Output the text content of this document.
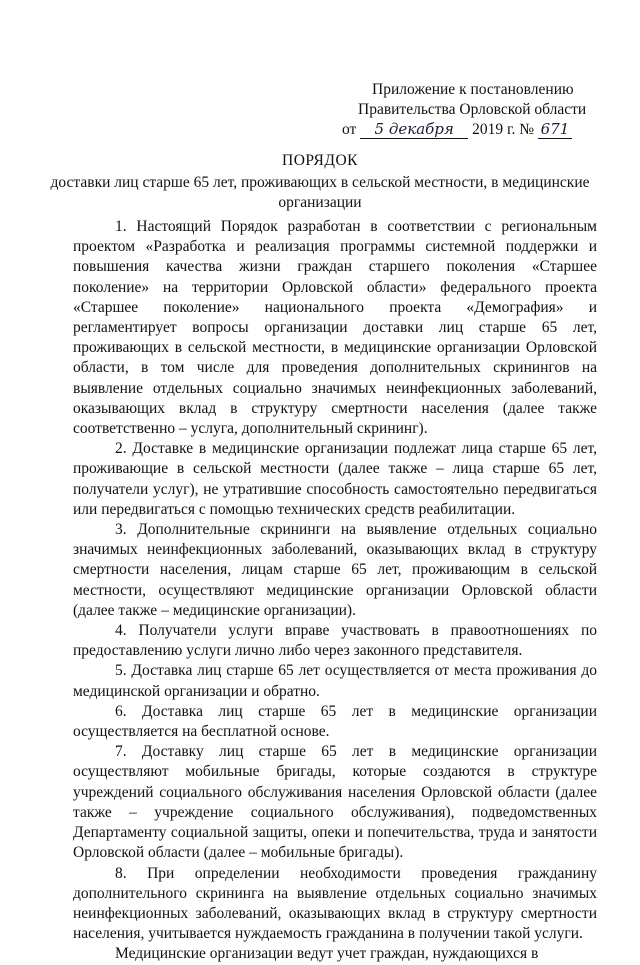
Приложение к постановлению
Правительства Орловской области
от 5 декабря 2019 г. № 671
ПОРЯДОК
доставки лиц старше 65 лет, проживающих в сельской местности, в медицинские организации

1. Настоящий Порядок разработан в соответствии с региональным проектом «Разработка и реализация программы системной поддержки и повышения качества жизни граждан старшего поколения «Старшее поколение» на территории Орловской области» федерального проекта «Старшее поколение» национального проекта «Демография» и регламентирует вопросы организации доставки лиц старше 65 лет, проживающих в сельской местности, в медицинские организации Орловской области, в том числе для проведения дополнительных скринингов на выявление отдельных социально значимых неинфекционных заболеваний, оказывающих вклад в структуру смертности населения (далее также соответственно – услуга, дополнительный скрининг).

2. Доставке в медицинские организации подлежат лица старше 65 лет, проживающие в сельской местности (далее также – лица старше 65 лет, получатели услуг), не утратившие способность самостоятельно передвигаться или передвигаться с помощью технических средств реабилитации.

3. Дополнительные скрининги на выявление отдельных социально значимых неинфекционных заболеваний, оказывающих вклад в структуру смертности населения, лицам старше 65 лет, проживающим в сельской местности, осуществляют медицинские организации Орловской области (далее также – медицинские организации).

4. Получатели услуги вправе участвовать в правоотношениях по предоставлению услуги лично либо через законного представителя.

5. Доставка лиц старше 65 лет осуществляется от места проживания до медицинской организации и обратно.

6. Доставка лиц старше 65 лет в медицинские организации осуществляется на бесплатной основе.

7. Доставку лиц старше 65 лет в медицинские организации осуществляют мобильные бригады, которые создаются в структуре учреждений социального обслуживания населения Орловской области (далее также – учреждение социального обслуживания), подведомственных Департаменту социальной защиты, опеки и попечительства, труда и занятости Орловской области (далее – мобильные бригады).

8. При определении необходимости проведения гражданину дополнительного скрининга на выявление отдельных социально значимых неинфекционных заболеваний, оказывающих вклад в структуру смертности населения, учитывается нуждаемость гражданина в получении такой услуги.

Медицинские организации ведут учет граждан, нуждающихся в
